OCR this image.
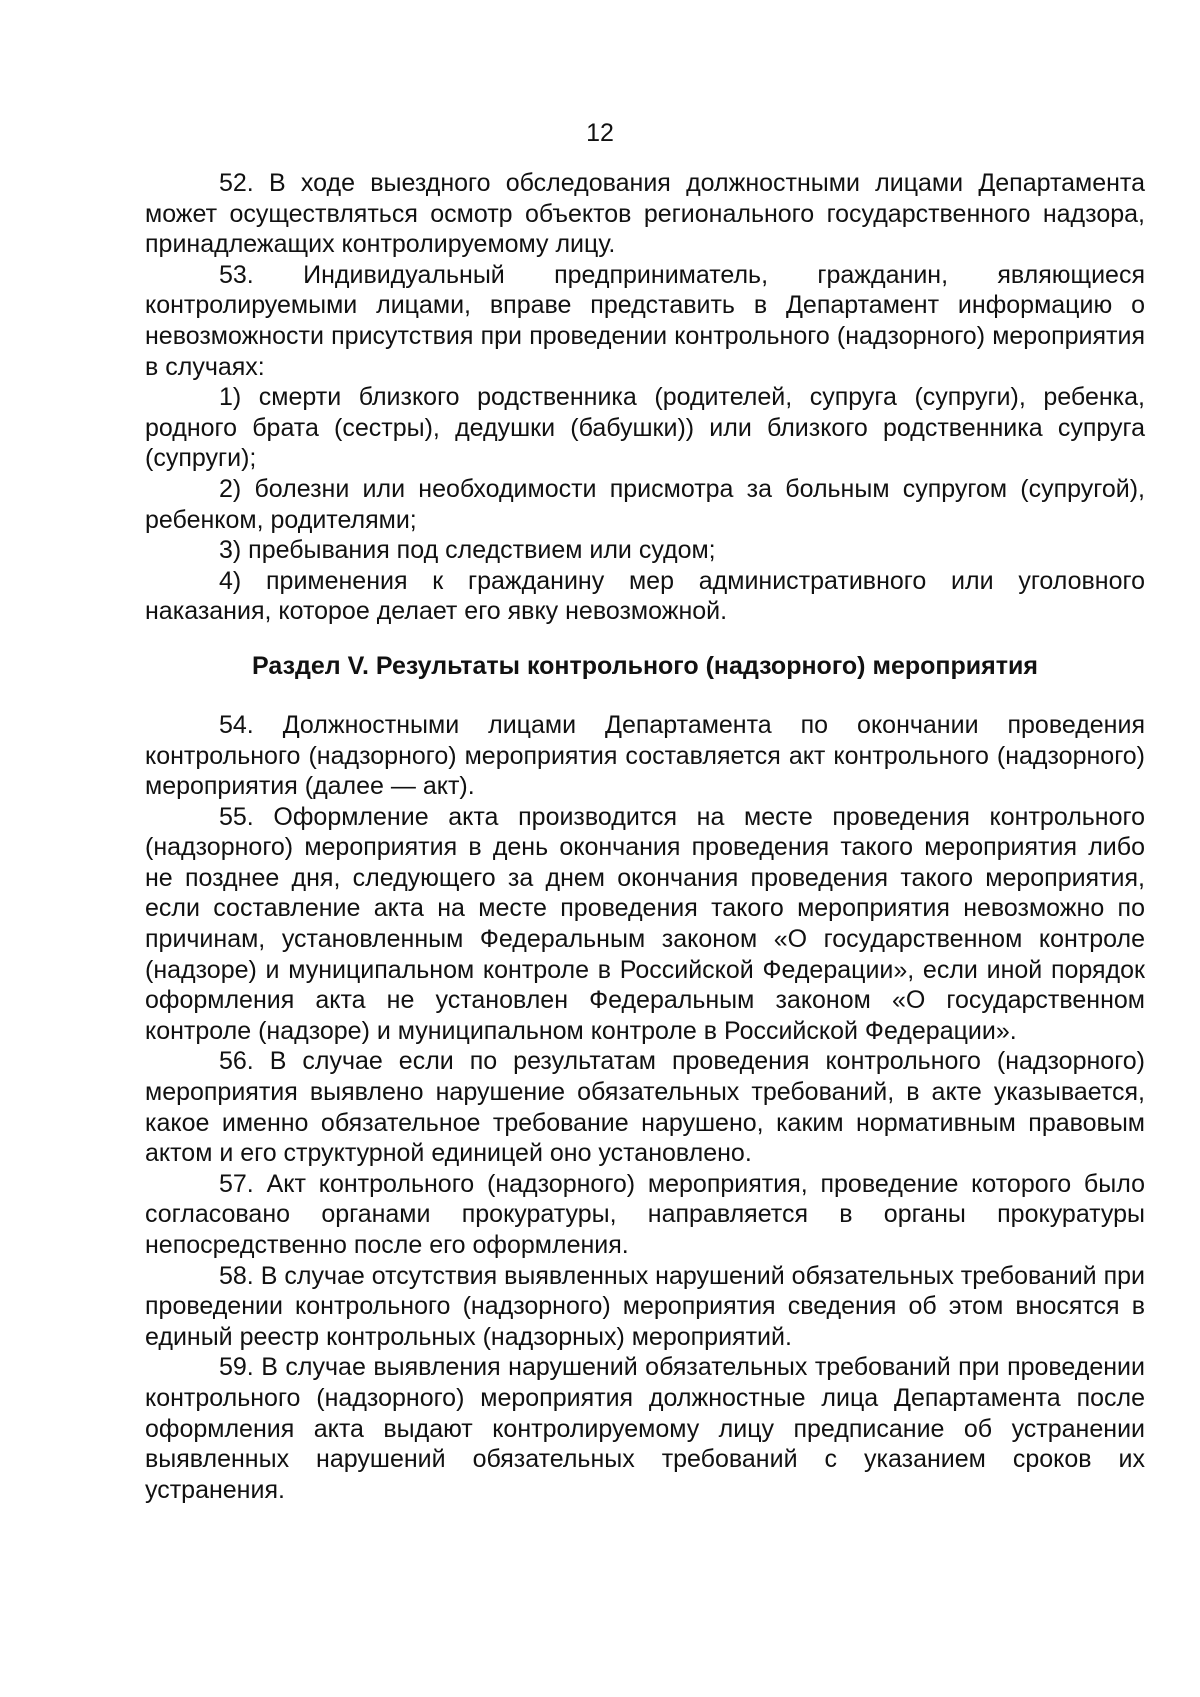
12

52. В ходе выездного обследования должностными лицами Департамента может осуществляться осмотр объектов регионального государственного надзора, принадлежащих контролируемому лицу.

53. Индивидуальный предприниматель, гражданин, являющиеся контролируемыми лицами, вправе представить в Департамент информацию о невозможности присутствия при проведении контрольного (надзорного) мероприятия в случаях:

1) смерти близкого родственника (родителей, супруга (супруги), ребенка, родного брата (сестры), дедушки (бабушки)) или близкого родственника супруга (супруги);

2) болезни или необходимости присмотра за больным супругом (супругой), ребенком, родителями;

3) пребывания под следствием или судом;

4) применения к гражданину мер административного или уголовного наказания, которое делает его явку невозможной.

Раздел V. Результаты контрольного (надзорного) мероприятия

54. Должностными лицами Департамента по окончании проведения контрольного (надзорного) мероприятия составляется акт контрольного (надзорного) мероприятия (далее — акт).

55. Оформление акта производится на месте проведения контрольного (надзорного) мероприятия в день окончания проведения такого мероприятия либо не позднее дня, следующего за днем окончания проведения такого мероприятия, если составление акта на месте проведения такого мероприятия невозможно по причинам, установленным Федеральным законом «О государственном контроле (надзоре) и муниципальном контроле в Российской Федерации», если иной порядок оформления акта не установлен Федеральным законом «О государственном контроле (надзоре) и муниципальном контроле в Российской Федерации».

56. В случае если по результатам проведения контрольного (надзорного) мероприятия выявлено нарушение обязательных требований, в акте указывается, какое именно обязательное требование нарушено, каким нормативным правовым актом и его структурной единицей оно установлено.

57. Акт контрольного (надзорного) мероприятия, проведение которого было согласовано органами прокуратуры, направляется в органы прокуратуры непосредственно после его оформления.

58. В случае отсутствия выявленных нарушений обязательных требований при проведении контрольного (надзорного) мероприятия сведения об этом вносятся в единый реестр контрольных (надзорных) мероприятий.

59. В случае выявления нарушений обязательных требований при проведении контрольного (надзорного) мероприятия должностные лица Департамента после оформления акта выдают контролируемому лицу предписание об устранении выявленных нарушений обязательных требований с указанием сроков их устранения.
